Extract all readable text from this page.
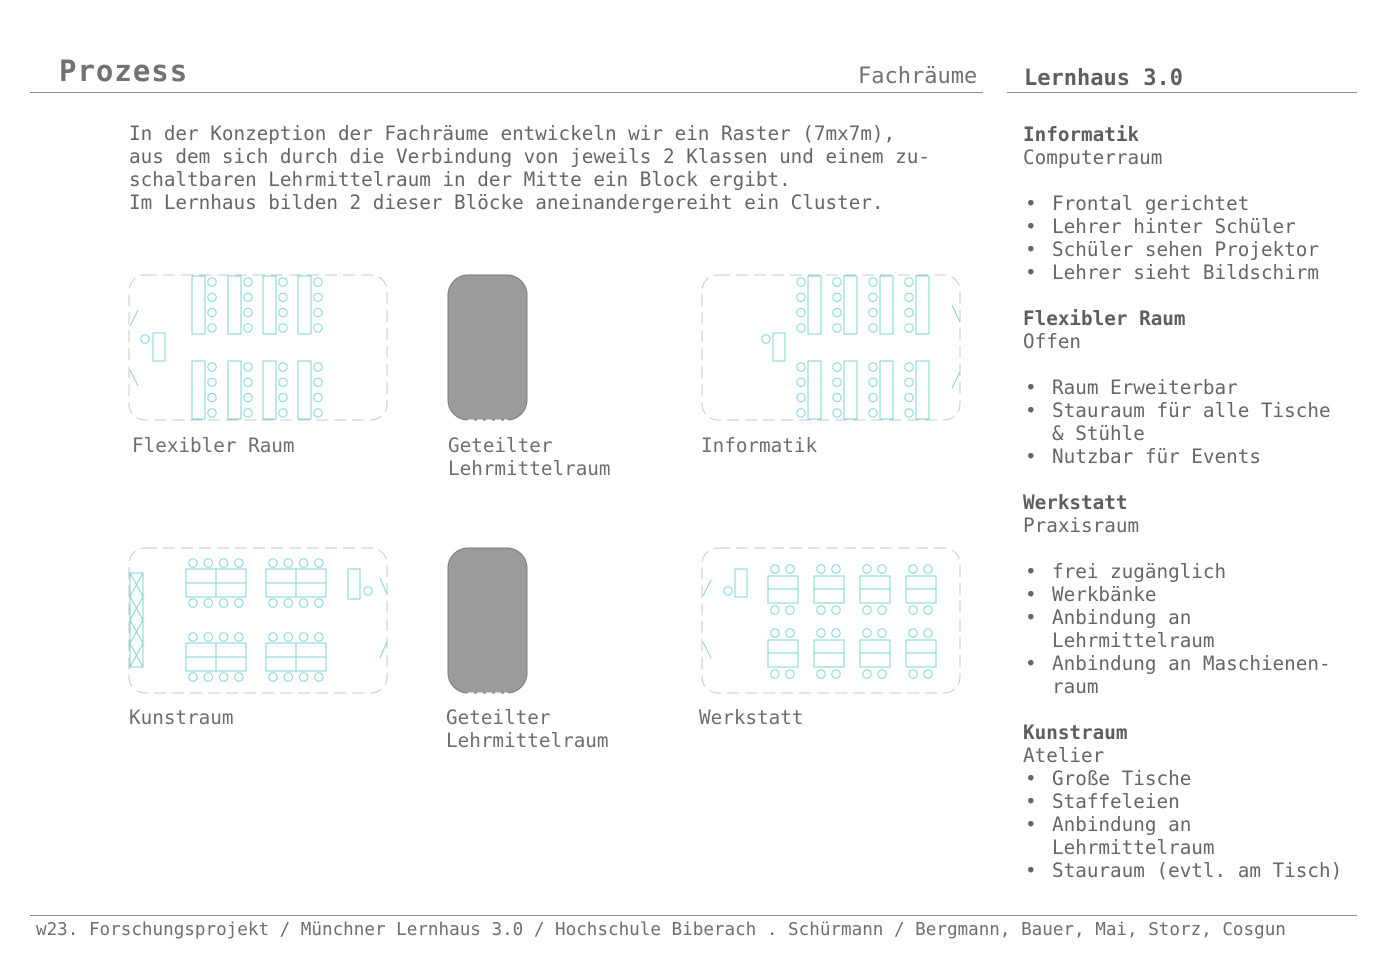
Prozess	Fachräume Lernhaus 3.0
In der Konzeption der Fachräume entwickeln wir ein Raster (7mx7m),
aus dem sich durch die Verbindung von jeweils 2 Klassen und einem zu-
schaltbaren Lehrmittelraum in der Mitte ein Block ergibt.
Im Lernhaus bilden 2 dieser Blöcke aneinandergereiht ein Cluster.
Flexibler Raum	Geteilter
Lehrmittelraum
Informatik
Kunstraum	Geteilter
Lehrmittelraum
Werkstatt
Informatik
Computerraum
• Frontal gerichtet
• Lehrer hinter Schüler
• Schüler sehen Projektor
• Lehrer sieht Bildschirm
Flexibler Raum
Offen
• Raum Erweiterbar
• Stauraum für alle Tische & Stühle
• Nutzbar für Events
Werkstatt
Praxisraum
• frei zugänglich
• Werkbänke
• Anbindung an Lehrmittelraum
• Anbindung an Maschienen-raum
Kunstraum
Atelier
• Große Tische
• Staffeleien
• Anbindung an Lehrmittelraum
• Stauraum (evtl. am Tisch)
w23. Forschungsprojekt / Münchner Lernhaus 3.0 / Hochschule Biberach . Schürmann / Bergmann, Bauer, Mai, Storz, Cosgun
